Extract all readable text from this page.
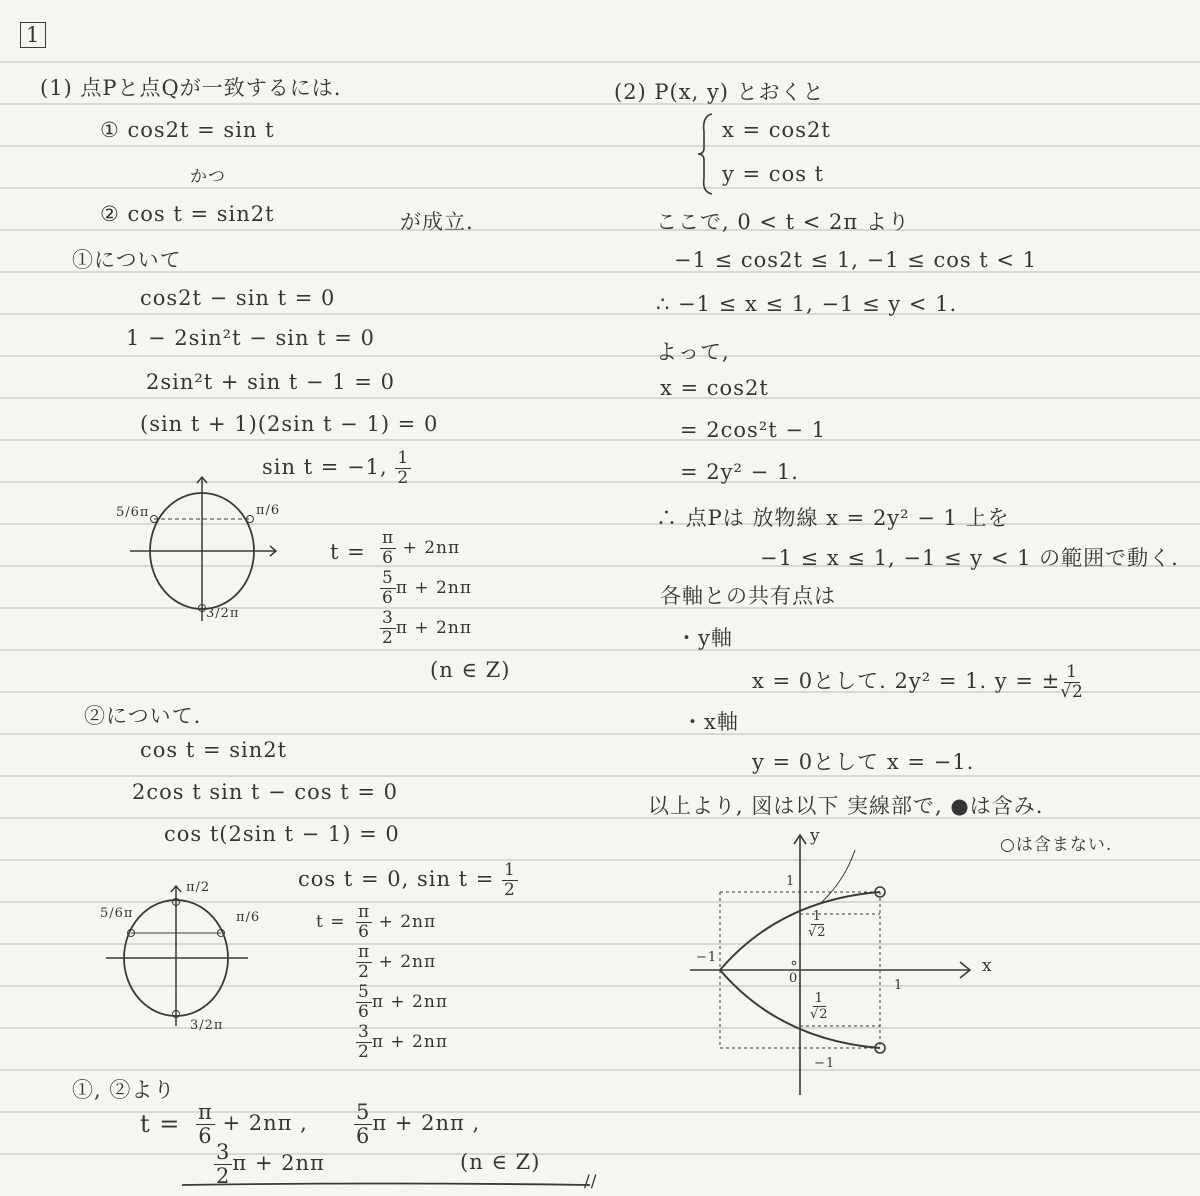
1
(1) 点Pと点Qが一致するには.
① cos2t = sin t
かつ
② cos t = sin2t	が成立.
①について
cos2t − sin t = 0
1 − 2sin²t − sin t = 0
2sin²t + sin t − 1 = 0
(sin t + 1)(2sin t − 1) = 0
sin t = −1, $\frac{1}{2}$
5/6π	π/6
3/2π
$t = \frac{\pi}{6} + 2n\pi$
$\frac{5}{6}$ π + 2nπ
$\frac{3}{2}$ π + 2nπ
(n ∈ Z)
②について.
cos t = sin2t
2cos t sin t − cos t = 0
cos t(2sin t − 1) = 0
cos t = 0, $\sin t = \frac{1}{2}$
π/2
5/6π	π/6
3/2π
$t = \frac{\pi}{6} + 2n\pi$
$\frac{\pi}{2} + 2n\pi$
$\frac{5}{6}$ π + 2nπ
$\frac{3}{2}$ π + 2nπ
①, ②より
$t = \frac{\pi}{6} + 2n\pi$ , $\frac{5}{6}$ π + 2nπ ,
$\frac{3}{2}$ π + 2nπ	(n ∈ Z)
//
(2) P(x, y) とおくと
x = cos2t
y = cos t
ここで, 0 < t < 2π より
−1 ≤ cos2t ≤ 1, −1 ≤ cos t < 1
∴ −1 ≤ x ≤ 1, −1 ≤ y < 1.
よって,
x = cos2t
= 2cos²t − 1
= 2y² − 1.
∴ 点Pは 放物線 x = 2y² − 1 上を
−1 ≤ x ≤ 1, −1 ≤ y < 1 の範囲で動く.
各軸との共有点は
・y軸
x = 0として. 2y² = 1. y = ± $\frac{1}{√2}$
・x軸
y = 0として x = −1.
以上より, 図は以下 実線部で, ●は含み.
○は含まない.
y
x
1
1
−1
−1
0
$\frac{1}{√2}$
$\frac{1}{√2}$
